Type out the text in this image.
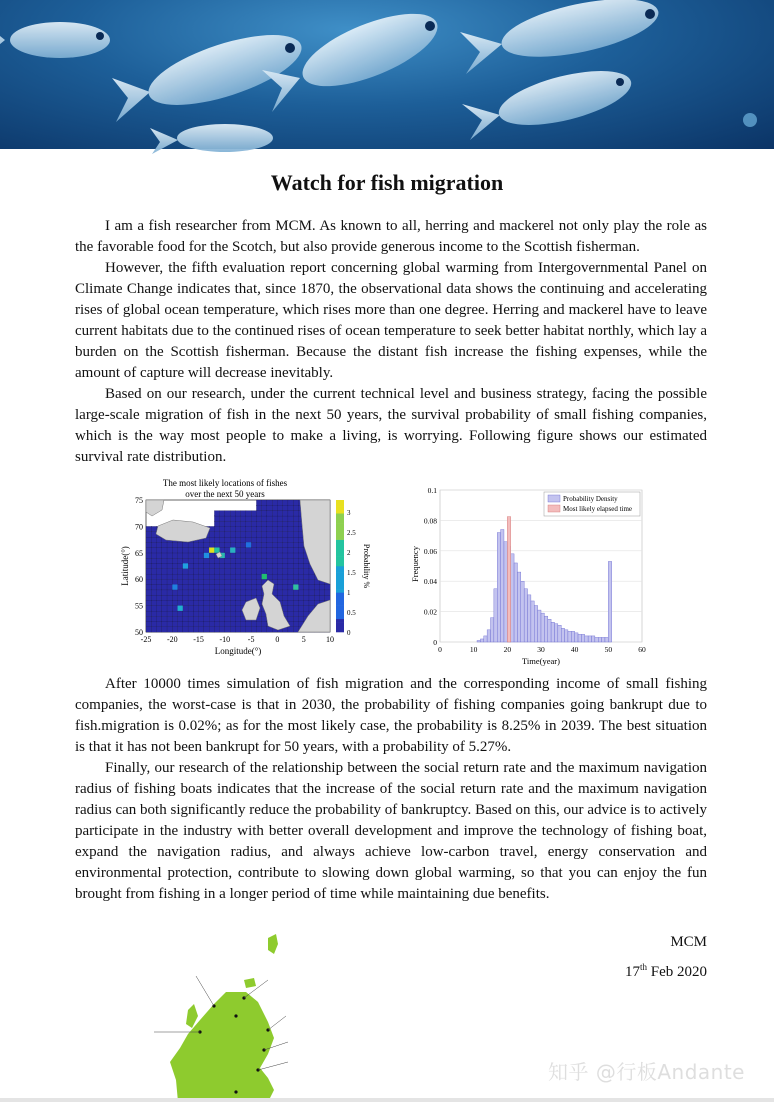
Watch for fish migration

I am a fish researcher from MCM. As known to all, herring and mackerel not only play the role as the favorable food for the Scotch, but also provide generous income to the Scottish fisherman.

However, the fifth evaluation report concerning global warming from Intergovernmental Panel on Climate Change indicates that, since 1870, the observational data shows the continuing and accelerating rises of global ocean temperature, which rises more than one degree. Herring and mackerel have to leave current habitats due to the continued rises of ocean temperature to seek better habitat northly, which lay a burden on the Scottish fisherman. Because the distant fish increase the fishing expenses, while the amount of capture will decrease inevitably.

Based on our research, under the current technical level and business strategy, facing the possible large-scale migration of fish in the next 50 years, the survival probability of small fishing companies, which is the way most people to make a living, is worrying. Following figure shows our estimated survival rate distribution.

The most likely locations of fishes
over the next 50 years
-25 -20 -15 -10 -5	0	5	10
50
55
60
65
70
75
Longitude(°)
Latitude(°)
0
0.5
1
1.5
2
2.5
3
Probability %
0	10	20	30	40	50	60
0
0.02
0.04
0.06
0.08
0.1
Probability Density
Most likely elapsed time
Time(year)
Frequency

After 10000 times simulation of fish migration and the corresponding income of small fishing companies, the worst-case is that in 2030, the probability of fishing companies going bankrupt due to fish.migration is 0.02%; as for the most likely case, the probability is 8.25% in 2039. The best situation is that it has not been bankrupt for 50 years, with a probability of 5.27%.

Finally, our research of the relationship between the social return rate and the maximum navigation radius of fishing boats indicates that the increase of the social return rate and the maximum navigation radius can both significantly reduce the probability of bankruptcy. Based on this, our advice is to actively participate in the industry with better overall development and improve the technology of fishing boat, expand the navigation radius, and always achieve low-carbon travel, energy conservation and environmental protection, contribute to slowing down global warming, so that you can enjoy the fun brought from fishing in a longer period of time while maintaining due benefits.

MCM
17th Feb 2020
知乎 @行板Andante
